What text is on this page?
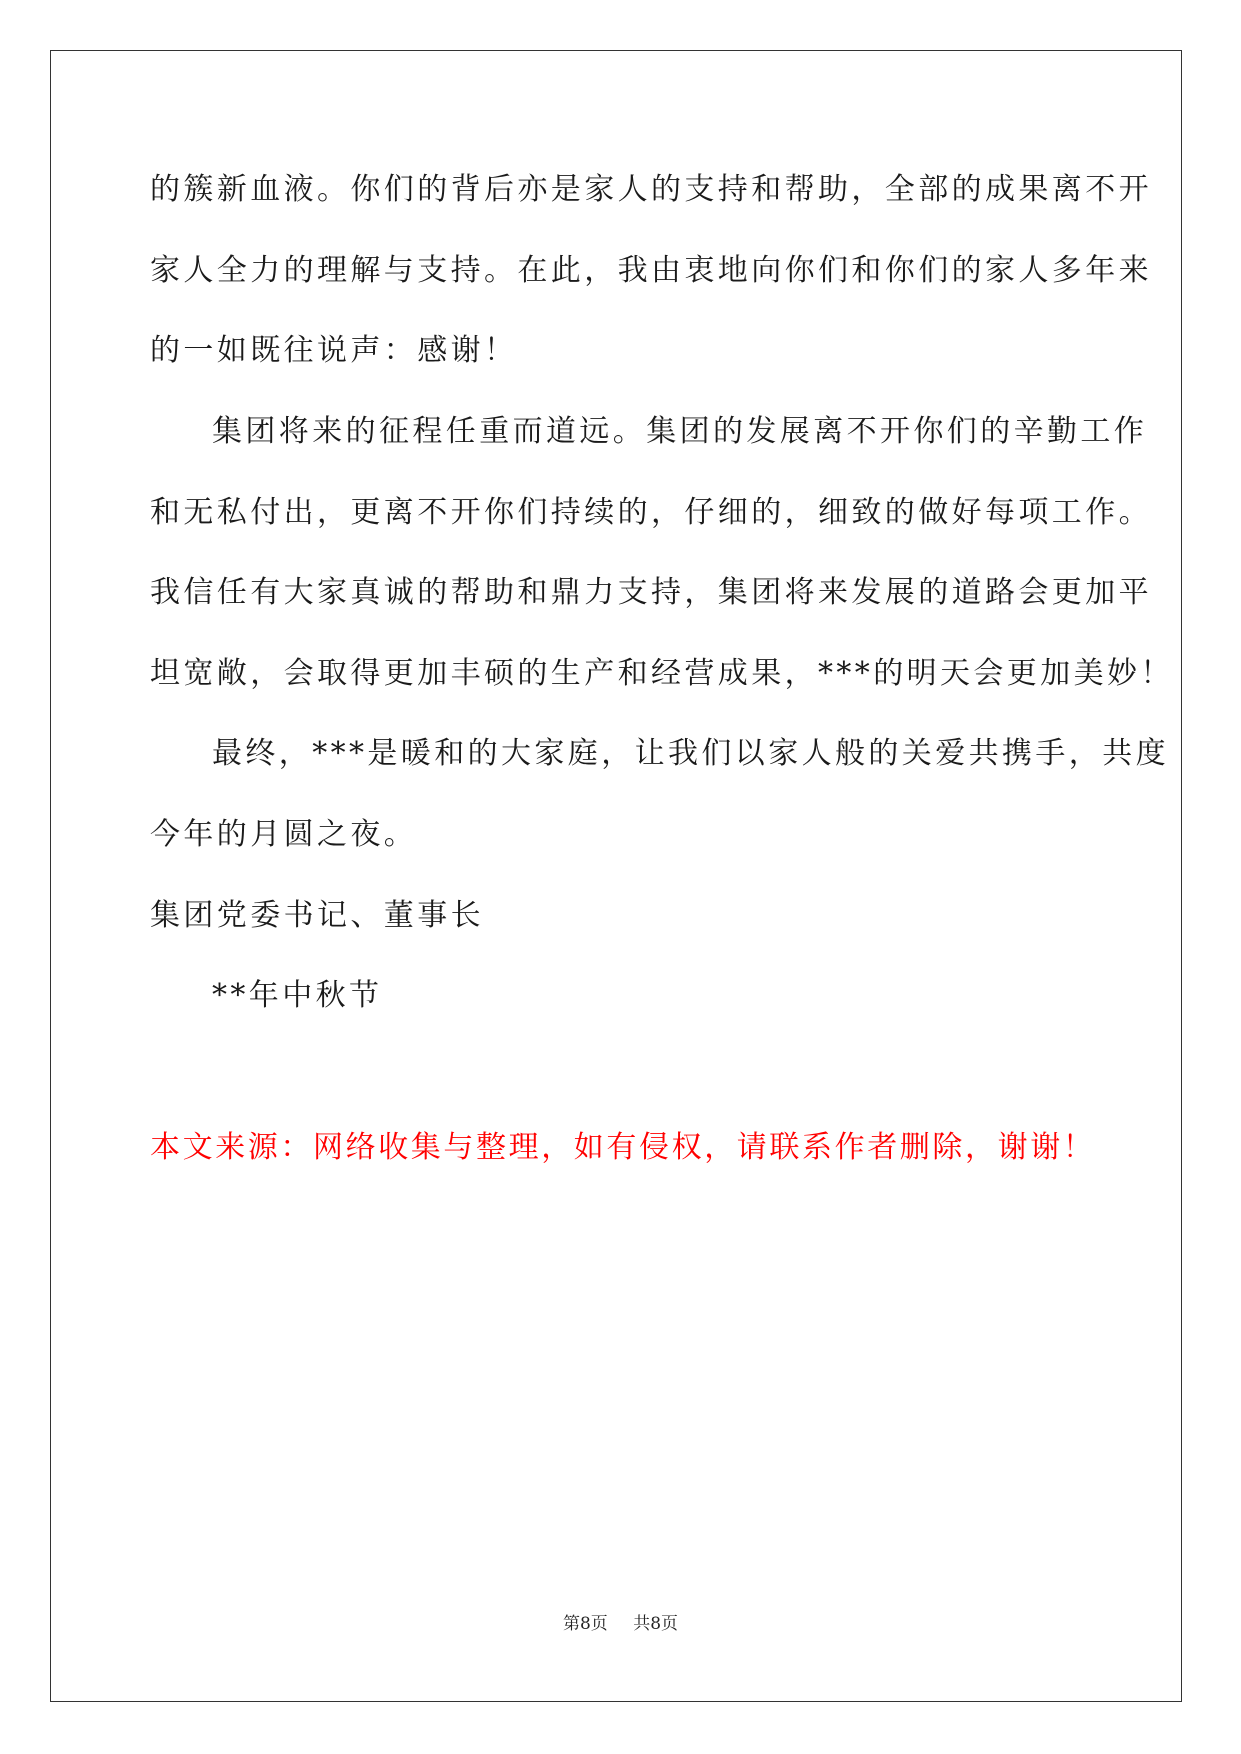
的簇新血液。你们的背后亦是家人的支持和帮助，全部的成果离不开
家人全力的理解与支持。在此，我由衷地向你们和你们的家人多年来
的一如既往说声：感谢！
集团将来的征程任重而道远。集团的发展离不开你们的辛勤工作
和无私付出，更离不开你们持续的，仔细的，细致的做好每项工作。
我信任有大家真诚的帮助和鼎力支持，集团将来发展的道路会更加平
坦宽敞，会取得更加丰硕的生产和经营成果，***的明天会更加美妙！
最终，***是暖和的大家庭，让我们以家人般的关爱共携手，共度
今年的月圆之夜。
集团党委书记、董事长
**年中秋节
本文来源：网络收集与整理，如有侵权，请联系作者删除，谢谢！
第8页 共8页
